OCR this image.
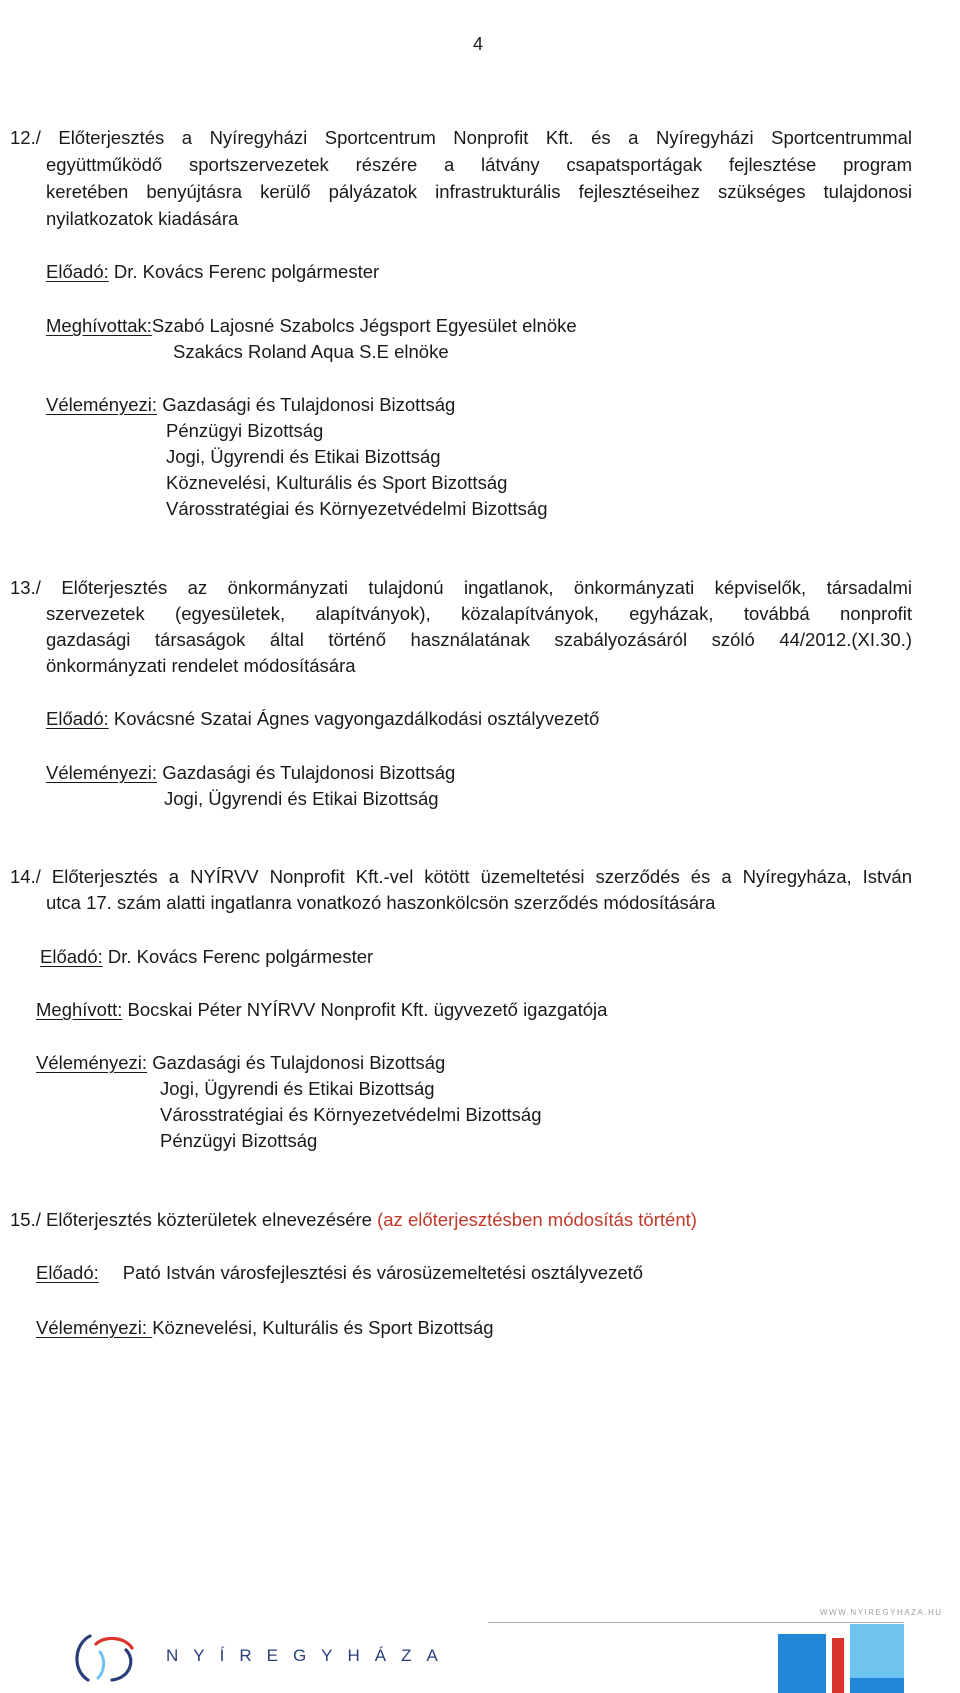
4
12./ Előterjesztés a Nyíregyházi Sportcentrum Nonprofit Kft. és a Nyíregyházi Sportcentrummal
együttműködő sportszervezetek részére a látvány csapatsportágak fejlesztése program
keretében benyújtásra kerülő pályázatok infrastrukturális fejlesztéseihez szükséges tulajdonosi
nyilatkozatok kiadására
Előadó: Dr. Kovács Ferenc polgármester
Meghívottak:Szabó Lajosné Szabolcs Jégsport Egyesület elnöke
Szakács Roland Aqua S.E elnöke
Véleményezi: Gazdasági és Tulajdonosi Bizottság
Pénzügyi Bizottság
Jogi, Ügyrendi és Etikai Bizottság
Köznevelési, Kulturális és Sport Bizottság
Városstratégiai és Környezetvédelmi Bizottság
13./ Előterjesztés az önkormányzati tulajdonú ingatlanok, önkormányzati képviselők, társadalmi
szervezetek (egyesületek, alapítványok), közalapítványok, egyházak, továbbá nonprofit
gazdasági társaságok által történő használatának szabályozásáról szóló 44/2012.(XI.30.)
önkormányzati rendelet módosítására
Előadó: Kovácsné Szatai Ágnes vagyongazdálkodási osztályvezető
Véleményezi: Gazdasági és Tulajdonosi Bizottság
Jogi, Ügyrendi és Etikai Bizottság
14./ Előterjesztés a NYÍRVV Nonprofit Kft.-vel kötött üzemeltetési szerződés és a Nyíregyháza, István
utca 17. szám alatti ingatlanra vonatkozó haszonkölcsön szerződés módosítására
Előadó: Dr. Kovács Ferenc polgármester
Meghívott: Bocskai Péter NYÍRVV Nonprofit Kft. ügyvezető igazgatója
Véleményezi: Gazdasági és Tulajdonosi Bizottság
Jogi, Ügyrendi és Etikai Bizottság
Városstratégiai és Környezetvédelmi Bizottság
Pénzügyi Bizottság
15./ Előterjesztés közterületek elnevezésére (az előterjesztésben módosítás történt)
Előadó: Pató István városfejlesztési és városüzemeltetési osztályvezető
Véleményezi: Köznevelési, Kulturális és Sport Bizottság
WWW.NYIREGYHAZA.HU
NYÍREGYHÁZA
